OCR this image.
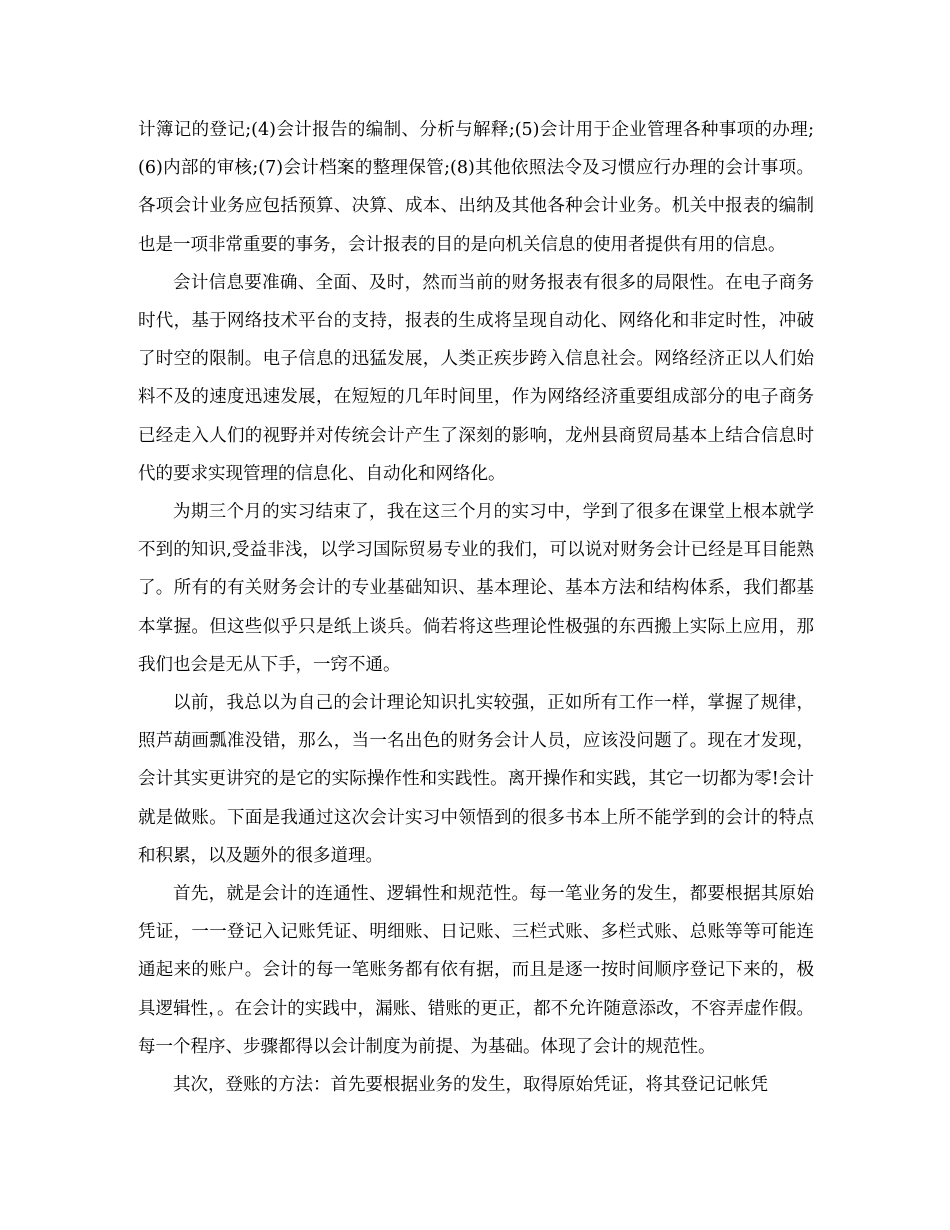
计簿记的登记;(4)会计报告的编制、分析与解释;(5)会计用于企业管理各种事项的办理;(6)内部的审核;(7)会计档案的整理保管;(8)其他依照法令及习惯应行办理的会计事项。各项会计业务应包括预算、决算、成本、出纳及其他各种会计业务。机关中报表的编制也是一项非常重要的事务，会计报表的目的是向机关信息的使用者提供有用的信息。

会计信息要准确、全面、及时，然而当前的财务报表有很多的局限性。在电子商务时代，基于网络技术平台的支持，报表的生成将呈现自动化、网络化和非定时性，冲破了时空的限制。电子信息的迅猛发展，人类正疾步跨入信息社会。网络经济正以人们始料不及的速度迅速发展，在短短的几年时间里，作为网络经济重要组成部分的电子商务已经走入人们的视野并对传统会计产生了深刻的影响，龙州县商贸局基本上结合信息时代的要求实现管理的信息化、自动化和网络化。

为期三个月的实习结束了，我在这三个月的实习中，学到了很多在课堂上根本就学不到的知识,受益非浅，以学习国际贸易专业的我们，可以说对财务会计已经是耳目能熟了。所有的有关财务会计的专业基础知识、基本理论、基本方法和结构体系，我们都基本掌握。但这些似乎只是纸上谈兵。倘若将这些理论性极强的东西搬上实际上应用，那我们也会是无从下手，一窍不通。

以前，我总以为自己的会计理论知识扎实较强，正如所有工作一样，掌握了规律，照芦葫画瓢准没错，那么，当一名出色的财务会计人员，应该没问题了。现在才发现，会计其实更讲究的是它的实际操作性和实践性。离开操作和实践，其它一切都为零!会计就是做账。下面是我通过这次会计实习中领悟到的很多书本上所不能学到的会计的特点和积累，以及题外的很多道理。

首先，就是会计的连通性、逻辑性和规范性。每一笔业务的发生，都要根据其原始凭证，一一登记入记账凭证、明细账、日记账、三栏式账、多栏式账、总账等等可能连通起来的账户。会计的每一笔账务都有依有据，而且是逐一按时间顺序登记下来的，极具逻辑性，。在会计的实践中，漏账、错账的更正，都不允许随意添改，不容弄虚作假。每一个程序、步骤都得以会计制度为前提、为基础。体现了会计的规范性。

其次，登账的方法：首先要根据业务的发生，取得原始凭证，将其登记记帐凭
